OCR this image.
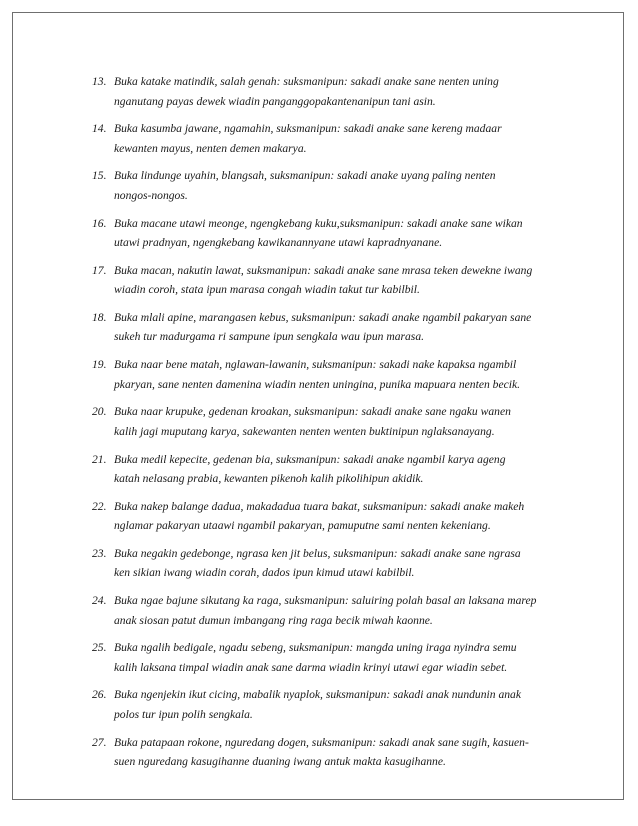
13. Buka katake matindik, salah genah: suksmanipun: sakadi anake sane nenten uning
nganutang payas dewek wiadin panganggopakantenanipun tani asin.
14. Buka kasumba jawane, ngamahin, suksmanipun: sakadi anake sane kereng madaar
kewanten mayus, nenten demen makarya.
15. Buka lindunge uyahin, blangsah, suksmanipun: sakadi anake uyang paling nenten
nongos-nongos.
16. Buka macane utawi meonge, ngengkebang kuku,suksmanipun: sakadi anake sane wikan
utawi pradnyan, ngengkebang kawikanannyane utawi kapradnyanane.
17. Buka macan, nakutin lawat, suksmanipun: sakadi anake sane mrasa teken dewekne iwang
wiadin coroh, stata ipun marasa congah wiadin takut tur kabilbil.
18. Buka mlali apine, marangasen kebus, suksmanipun: sakadi anake ngambil pakaryan sane
sukeh tur madurgama ri sampune ipun sengkala wau ipun marasa.
19. Buka naar bene matah, nglawan-lawanin, suksmanipun: sakadi nake kapaksa ngambil
pkaryan, sane nenten damenina wiadin nenten uningina, punika mapuara nenten becik.
20. Buka naar krupuke, gedenan kroakan, suksmanipun: sakadi anake sane ngaku wanen
kalih jagi muputang karya, sakewanten nenten wenten buktinipun nglaksanayang.
21. Buka medil kepecite, gedenan bia, suksmanipun: sakadi anake ngambil karya ageng
katah nelasang prabia, kewanten pikenoh kalih pikolihipun akidik.
22. Buka nakep balange dadua, makadadua tuara bakat, suksmanipun: sakadi anake makeh
nglamar pakaryan utaawi ngambil pakaryan, pamuputne sami nenten kekeniang.
23. Buka negakin gedebonge, ngrasa ken jit belus, suksmanipun: sakadi anake sane ngrasa
ken sikian iwang wiadin corah, dados ipun kimud utawi kabilbil.
24. Buka ngae bajune sikutang ka raga, suksmanipun: saluiring polah basal an laksana marep
anak siosan patut dumun imbangang ring raga becik miwah kaonne.
25. Buka ngalih bedigale, ngadu sebeng, suksmanipun: mangda uning iraga nyindra semu
kalih laksana timpal wiadin anak sane darma wiadin krinyi utawi egar wiadin sebet.
26. Buka ngenjekin ikut cicing, mabalik nyaplok, suksmanipun: sakadi anak nundunin anak
polos tur ipun polih sengkala.
27. Buka patapaan rokone, nguredang dogen, suksmanipun: sakadi anak sane sugih, kasuen-
suen nguredang kasugihanne duaning iwang antuk makta kasugihanne.
